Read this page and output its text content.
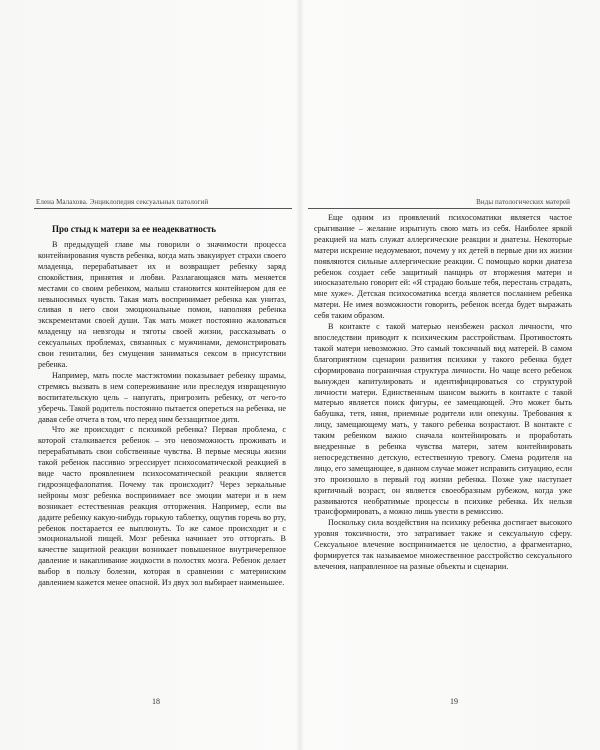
Елена Малахова. Энциклопедия сексуальных патологий
Про стыд к матери за ее неадекватность

В предыдущей главе мы говорили о значимости процесса контейнирования чувств ребенка, когда мать эвакуирует страхи своего младенца, перерабатывает их и возвращает ребенку заряд спокойствия, принятия и любви. Разлагающаяся мать меняется местами со своим ребенком, малыш становится контейнером для ее невыносимых чувств. Такая мать воспринимает ребенка как унитаз, сливая в него свои эмоциональные помои, наполняя ребенка экскрементами своей души. Так мать может постоянно жаловаться младенцу на невзгоды и тяготы своей жизни, рассказывать о сексуальных проблемах, связанных с мужчинами, демонстрировать свои гениталии, без смущения заниматься сексом в присутствии ребенка.

Например, мать после мастэктомии показывает ребенку шрамы, стремясь вызвать в нем сопереживание или преследуя извращенную воспитательскую цель – напугать, пригрозить ребенку, от чего-то уберечь. Такой родитель постоянно пытается опереться на ребенка, не давая себе отчета в том, что перед ним беззащитное дитя.

Что же происходит с психикой ребенка? Первая проблема, с которой сталкивается ребенок – это невозможность проживать и перерабатывать свои собственные чувства. В первые месяцы жизни такой ребенок пассивно эгрессирует психосоматической реакцией в виде часто проявлением психосоматической реакции является гидроэнцефалопатия. Почему так происходит? Через зеркальные нейроны мозг ребенка воспринимает все эмоции матери и в нем возникает естественная реакция отторжения. Например, если вы дадите ребенку какую-нибудь горькую таблетку, ощутив горечь во рту, ребенок постарается ее выплюнуть. То же самое происходит и с эмоциональной пищей. Мозг ребенка начинает это отторгать. В качестве защитной реакции возникает повышенное внутричерепное давление и накапливание жидкости в полостях мозга. Ребенок делает выбор в пользу болезни, которая в сравнении с материнским давлением кажется менее опасной. Из двух зол выбирает наименьшее.

18
Виды патологических матерей

Еще одним из проявлений психосоматики является частое срыгивание – желание изрыгнуть свою мать из себя. Наиболее яркой реакцией на мать служат аллергические реакции и диатезы. Некоторые матери искренне недоумевают, почему у их детей в первые дни их жизни появляются сильные аллергические реакции. С помощью корки диатеза ребенок создает себе защитный панцирь от вторжения матери и иносказательно говорит ей: «Я страдаю больше тебя, перестань страдать, мне хуже». Детская психосоматика всегда является посланием ребенка матери. Не имея возможности говорить, ребенок всегда будет выражать себя таким образом.

В контакте с такой матерью неизбежен раскол личности, что впоследствии приводит к психическим расстройствам. Противостоять такой матери невозможно. Это самый токсичный вид матерей. В самом благоприятном сценарии развития психики у такого ребенка будет сформирована пограничная структура личности. Но чаще всего ребенок вынужден капитулировать и идентифицироваться со структурой личности матери. Единственным шансом выжить в контакте с такой матерью является поиск фигуры, ее замещающей. Это может быть бабушка, тетя, няня, приемные родители или опекуны. Требования к лицу, замещающему мать, у такого ребенка возрастают. В контакте с таким ребенком важно сначала контейнировать и проработать внедренные в ребенка чувства матери, затем контейнировать непосредственно детскую, естественную тревогу. Смена родителя на лицо, его замещающее, в данном случае может исправить ситуацию, если это произошло в первый год жизни ребенка. Позже уже наступает критичный возраст, он является своеобразным рубежом, когда уже развиваются необратимые процессы в психике ребенка. Их нельзя трансформировать, а можно лишь увести в ремиссию.

Поскольку сила воздействия на психику ребенка достигает высокого уровня токсичности, это затрагивает также и сексуальную сферу. Сексуальное влечение воспринимается не целостно, а фрагментарно, формируется так называемое множественное расстройство сексуального влечения, направленное на разные объекты и сценарии.

19
